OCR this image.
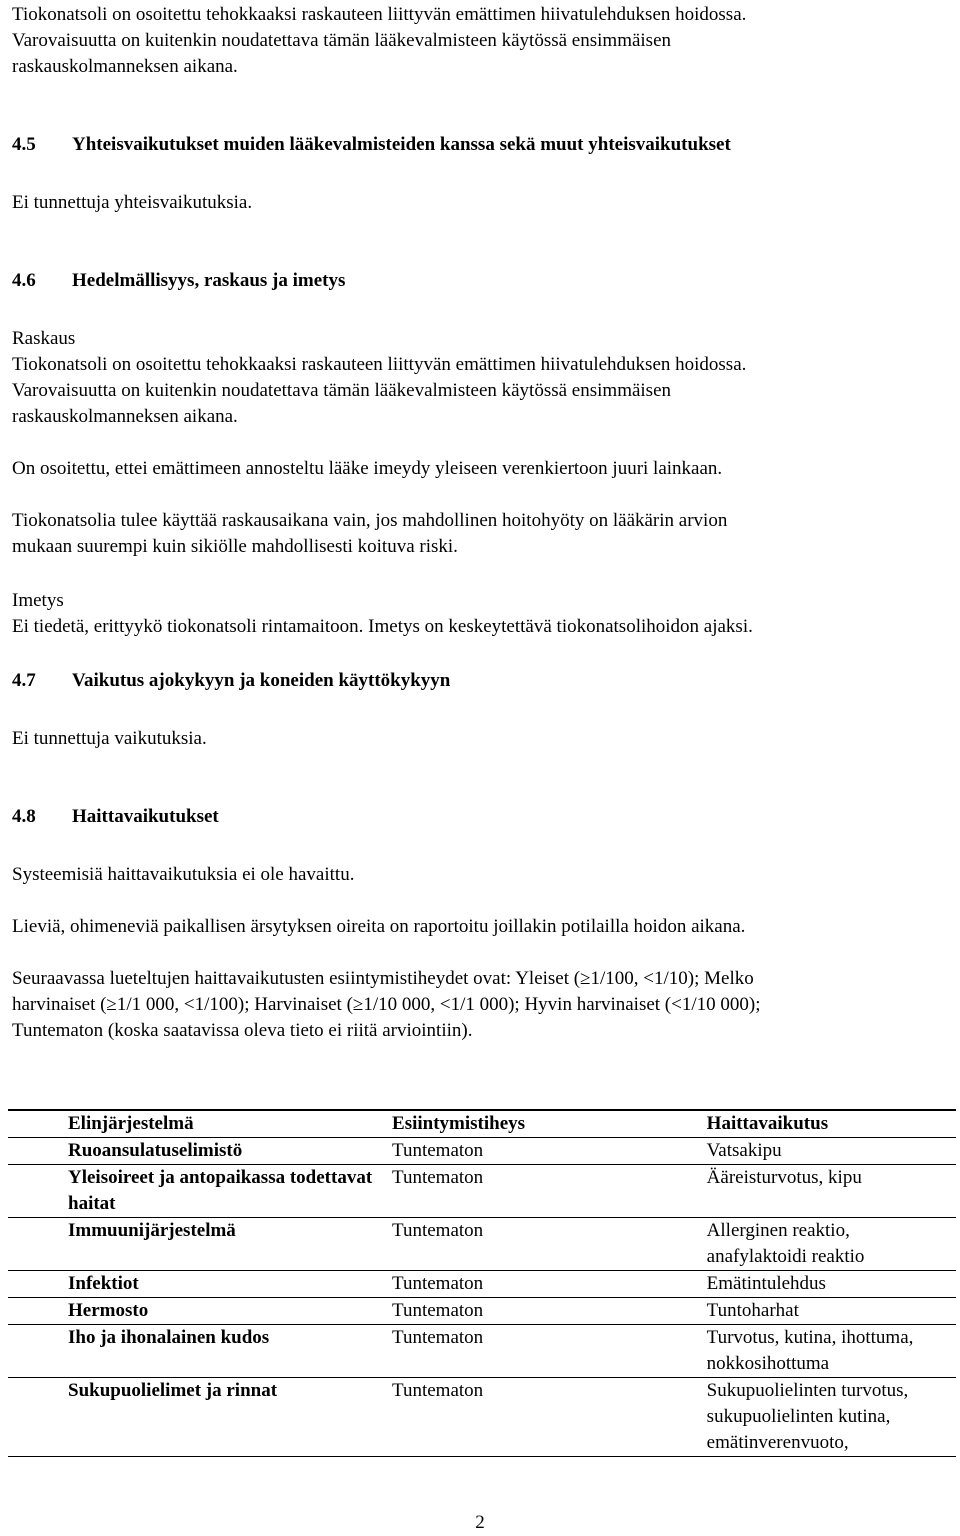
Tiokonatsoli on osoitettu tehokkaaksi raskauteen liittyvän emättimen hiivatulehduksen hoidossa.

Varovaisuutta on kuitenkin noudatettava tämän lääkevalmisteen käytössä ensimmäisen

raskauskolmanneksen aikana.

4.5	Yhteisvaikutukset muiden lääkevalmisteiden kanssa sekä muut yhteisvaikutukset

Ei tunnettuja yhteisvaikutuksia.

4.6	Hedelmällisyys, raskaus ja imetys

Raskaus

Tiokonatsoli on osoitettu tehokkaaksi raskauteen liittyvän emättimen hiivatulehduksen hoidossa.

Varovaisuutta on kuitenkin noudatettava tämän lääkevalmisteen käytössä ensimmäisen

raskauskolmanneksen aikana.

On osoitettu, ettei emättimeen annosteltu lääke imeydy yleiseen verenkiertoon juuri lainkaan.

Tiokonatsolia tulee käyttää raskausaikana vain, jos mahdollinen hoitohyöty on lääkärin arvion

mukaan suurempi kuin sikiölle mahdollisesti koituva riski.

Imetys

Ei tiedetä, erittyykö tiokonatsoli rintamaitoon. Imetys on keskeytettävä tiokonatsolihoidon ajaksi.

4.7	Vaikutus ajokykyyn ja koneiden käyttökykyyn

Ei tunnettuja vaikutuksia.

4.8	Haittavaikutukset

Systeemisiä haittavaikutuksia ei ole havaittu.

Lieviä, ohimeneviä paikallisen ärsytyksen oireita on raportoitu joillakin potilailla hoidon aikana.

Seuraavassa lueteltujen haittavaikutusten esiintymistiheydet ovat: Yleiset (≥1/100, <1/10); Melko

harvinaiset (≥1/1 000, <1/100); Harvinaiset (≥1/10 000, <1/1 000); Hyvin harvinaiset (<1/10 000);

Tuntematon (koska saatavissa oleva tieto ei riitä arviointiin).

Elinjärjestelmä	Esiintymistiheys	Haittavaikutus
Ruoansulatuselimistö	Tuntematon	Vatsakipu
Yleisoireet ja antopaikassa todettavat haitat	Tuntematon	Ääreisturvotus, kipu
Immuunijärjestelmä	Tuntematon	Allerginen reaktio, anafylaktoidi reaktio
Infektiot	Tuntematon	Emätintulehdus
Hermosto	Tuntematon	Tuntoharhat
Iho ja ihonalainen kudos	Tuntematon	Turvotus, kutina, ihottuma, nokkosihottuma
Sukupuolielimet ja rinnat	Tuntematon	Sukupuolielinten turvotus, sukupuolielinten kutina, emätinverenvuoto,
2
